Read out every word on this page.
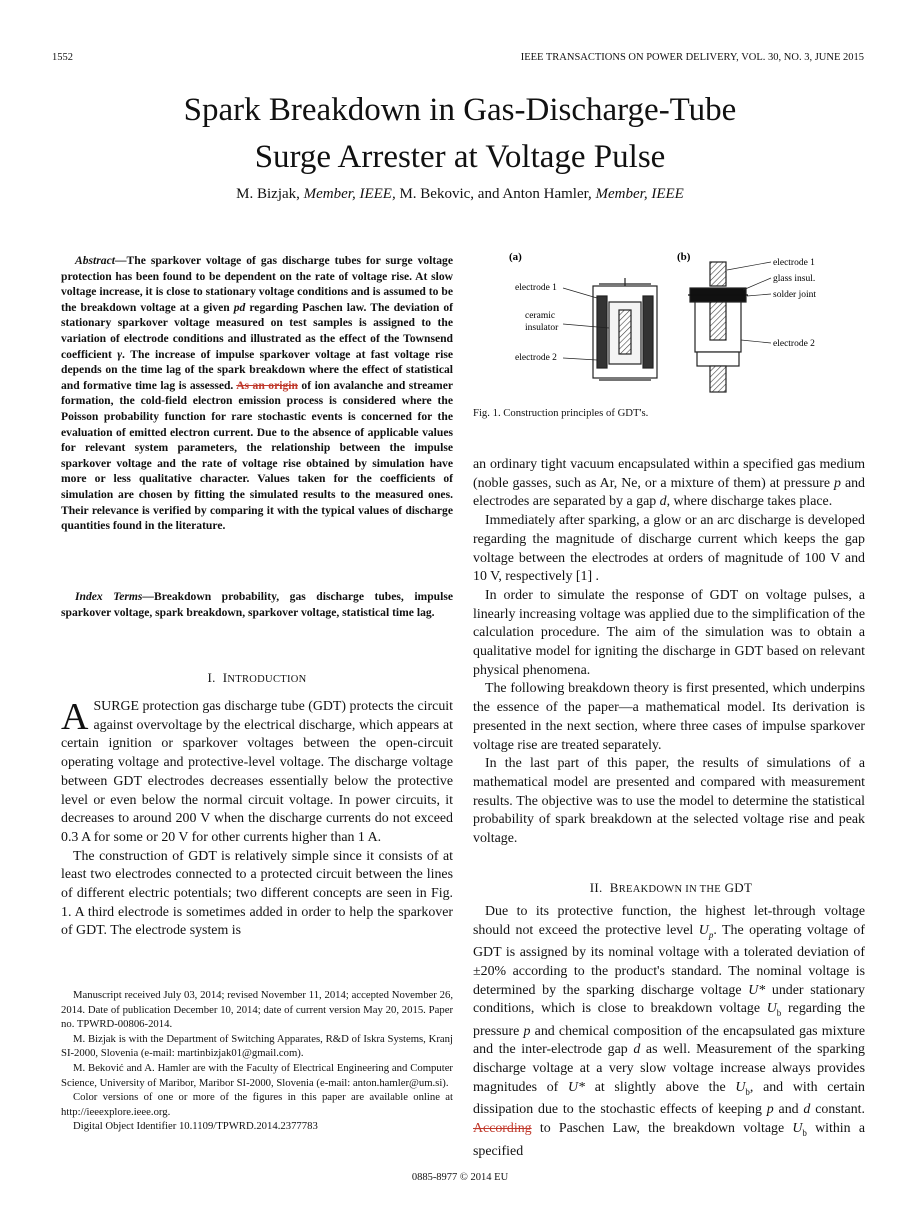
1552	IEEE TRANSACTIONS ON POWER DELIVERY, VOL. 30, NO. 3, JUNE 2015
Spark Breakdown in Gas-Discharge-Tube
Surge Arrester at Voltage Pulse
M. Bizjak, Member, IEEE, M. Bekovic, and Anton Hamler, Member, IEEE
Abstract—The sparkover voltage of gas discharge tubes for surge voltage protection has been found to be dependent on the rate of voltage rise. At slow voltage increase, it is close to stationary voltage conditions and is assumed to be the breakdown voltage at a given pd regarding Paschen law. The deviation of stationary sparkover voltage measured on test samples is assigned to the variation of electrode conditions and illustrated as the effect of the Townsend coefficient γ. The increase of impulse sparkover voltage at fast voltage rise depends on the time lag of the spark breakdown where the effect of statistical and formative time lag is assessed. As an origin of ion avalanche and streamer formation, the cold-field electron emission process is considered where the Poisson probability function for rare stochastic events is concerned for the evaluation of emitted electron current. Due to the absence of applicable values for relevant system parameters, the relationship between the impulse sparkover voltage and the rate of voltage rise obtained by simulation have more or less qualitative character. Values taken for the coefficients of simulation are chosen by fitting the simulated results to the measured ones. Their relevance is verified by comparing it with the typical values of discharge quantities found in the literature.
Index Terms—Breakdown probability, gas discharge tubes, impulse sparkover voltage, spark breakdown, sparkover voltage, statistical time lag.
I. INTRODUCTION

ASURGE protection gas discharge tube (GDT) protects the circuit against overvoltage by the electrical discharge, which appears at certain ignition or sparkover voltages between the open-circuit operating voltage and protective-level voltage. The discharge voltage between GDT electrodes decreases essentially below the protective level or even below the normal circuit voltage. In power circuits, it decreases to around 200 V when the discharge currents do not exceed 0.3 A for some or 20 V for other currents higher than 1 A.

The construction of GDT is relatively simple since it consists of at least two electrodes connected to a protected circuit between the lines of different electric potentials; two different concepts are seen in Fig. 1. A third electrode is sometimes added in order to help the sparkover of GDT. The electrode system is

Manuscript received July 03, 2014; revised November 11, 2014; accepted November 26, 2014. Date of publication December 10, 2014; date of current version May 20, 2015. Paper no. TPWRD-00806-2014.

M. Bizjak is with the Department of Switching Apparates, R&D of Iskra Systems, Kranj SI-2000, Slovenia (e-mail: martinbizjak01@gmail.com).

M. Beković and A. Hamler are with the Faculty of Electrical Engineering and Computer Science, University of Maribor, Maribor SI-2000, Slovenia (e-mail: anton.hamler@um.si).

Color versions of one or more of the figures in this paper are available online at http://ieeexplore.ieee.org.

Digital Object Identifier 10.1109/TPWRD.2014.2377783

(a)	(b)
electrode 1
ceramic
insulator
electrode 2
electrode 1
glass insul.
solder joint
electrode 2
Fig. 1. Construction principles of GDT's.

an ordinary tight vacuum encapsulated within a specified gas medium (noble gasses, such as Ar, Ne, or a mixture of them) at pressure p and electrodes are separated by a gap d, where discharge takes place.

Immediately after sparking, a glow or an arc discharge is developed regarding the magnitude of discharge current which keeps the gap voltage between the electrodes at orders of magnitude of 100 V and 10 V, respectively [1] .

In order to simulate the response of GDT on voltage pulses, a linearly increasing voltage was applied due to the simplification of the calculation procedure. The aim of the simulation was to obtain a qualitative model for igniting the discharge in GDT based on relevant physical phenomena.

The following breakdown theory is first presented, which underpins the essence of the paper—a mathematical model. Its derivation is presented in the next section, where three cases of impulse sparkover voltage rise are treated separately.

In the last part of this paper, the results of simulations of a mathematical model are presented and compared with measurement results. The objective was to use the model to determine the statistical probability of spark breakdown at the selected voltage rise and peak voltage.

II. BREAKDOWN IN THE GDT

Due to its protective function, the highest let-through voltage should not exceed the protective level $U_p$. The operating voltage of GDT is assigned by its nominal voltage with a tolerated deviation of ±20% according to the product's standard. The nominal voltage is determined by the sparking discharge voltage U* under stationary conditions, which is close to breakdown voltage $U_b$ regarding the pressure p and chemical composition of the encapsulated gas mixture and the inter-electrode gap d as well. Measurement of the sparking discharge voltage at a very slow voltage increase always provides magnitudes of U* at slightly above the $U_b$, and with certain dissipation due to the stochastic effects of keeping p and d constant. According to Paschen Law, the breakdown voltage $U_b$ within a specified

0885-8977 © 2014 EU
